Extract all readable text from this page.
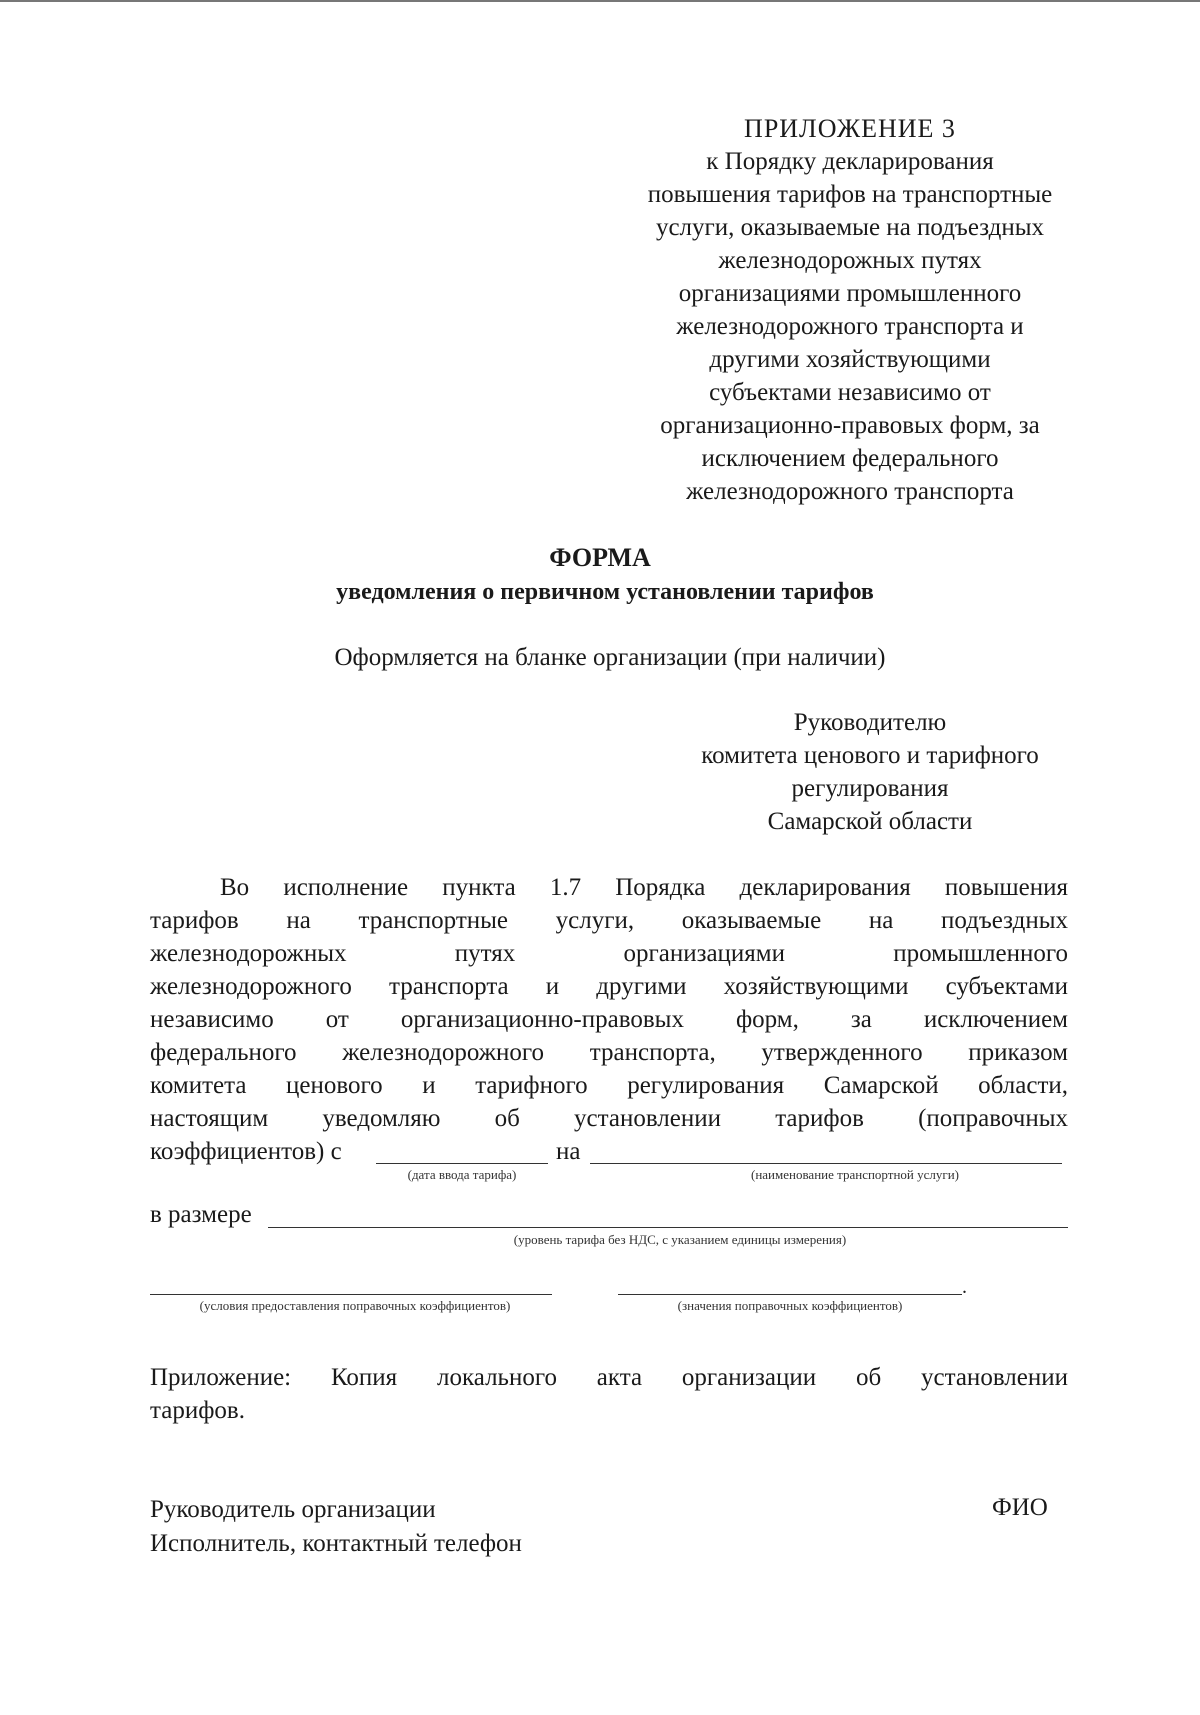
ПРИЛОЖЕНИЕ 3
к Порядку декларирования
повышения тарифов на транспортные
услуги, оказываемые на подъездных
железнодорожных путях
организациями промышленного
железнодорожного транспорта и
другими хозяйствующими
субъектами независимо от
организационно-правовых форм, за
исключением федерального
железнодорожного транспорта
ФОРМА
уведомления о первичном установлении тарифов
Оформляется на бланке организации (при наличии)
Руководителю
комитета ценового и тарифного
регулирования
Самарской области
Во исполнение пункта 1.7 Порядка декларирования повышения
тарифов на транспортные услуги, оказываемые на подъездных
железнодорожных путях организациями промышленного
железнодорожного транспорта и другими хозяйствующими субъектами
независимо от организационно-правовых форм, за исключением
федерального железнодорожного транспорта, утвержденного приказом
комитета ценового и тарифного регулирования Самарской области,
настоящим уведомляю об установлении тарифов (поправочных
коэффициентов) с	на
(дата ввода тарифа)	(наименование транспортной услуги)
в размере
(уровень тарифа без НДС, с указанием единицы измерения)
.
(условия предоставления поправочных коэффициентов)	(значения поправочных коэффициентов)
Приложение: Копия локального акта организации об установлении
тарифов.
Руководитель организации	ФИО
Исполнитель, контактный телефон
